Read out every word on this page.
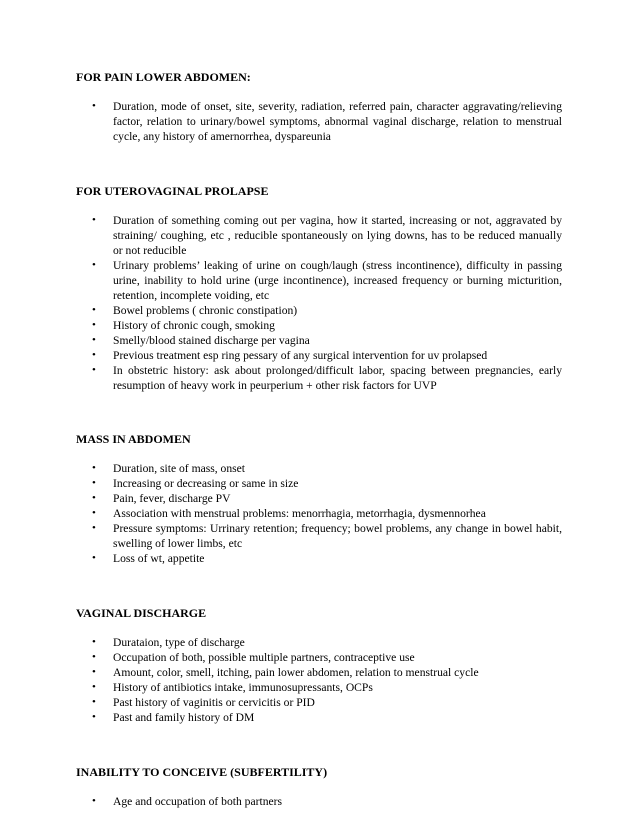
FOR PAIN LOWER ABDOMEN:
• Duration, mode of onset, site, severity, radiation, referred pain, character aggravating/relieving factor, relation to urinary/bowel symptoms, abnormal vaginal discharge, relation to menstrual cycle, any history of amernorrhea, dyspareunia
FOR UTEROVAGINAL PROLAPSE
• Duration of something coming out per vagina, how it started, increasing or not, aggravated by straining/ coughing, etc , reducible spontaneously on lying downs, has to be reduced manually or not reducible
• Urinary problems’ leaking of urine on cough/laugh (stress incontinence), difficulty in passing urine, inability to hold urine (urge incontinence), increased frequency or burning micturition, retention, incomplete voiding, etc
• Bowel problems ( chronic constipation)
• History of chronic cough, smoking
• Smelly/blood stained discharge per vagina
• Previous treatment esp ring pessary of any surgical intervention for uv prolapsed
• In obstetric history: ask about prolonged/difficult labor, spacing between pregnancies, early resumption of heavy work in peurperium + other risk factors for UVP
MASS IN ABDOMEN
• Duration, site of mass, onset
• Increasing or decreasing or same in size
• Pain, fever, discharge PV
• Association with menstrual problems: menorrhagia, metorrhagia, dysmennorhea
• Pressure symptoms: Urrinary retention; frequency; bowel problems, any change in bowel habit, swelling of lower limbs, etc
• Loss of wt, appetite
VAGINAL DISCHARGE
• Durataion, type of discharge
• Occupation of both, possible multiple partners, contraceptive use
• Amount, color, smell, itching, pain lower abdomen, relation to menstrual cycle
• History of antibiotics intake, immunosupressants, OCPs
• Past history of vaginitis or cervicitis or PID
• Past and family history of DM
INABILITY TO CONCEIVE (SUBFERTILITY)
• Age and occupation of both partners
